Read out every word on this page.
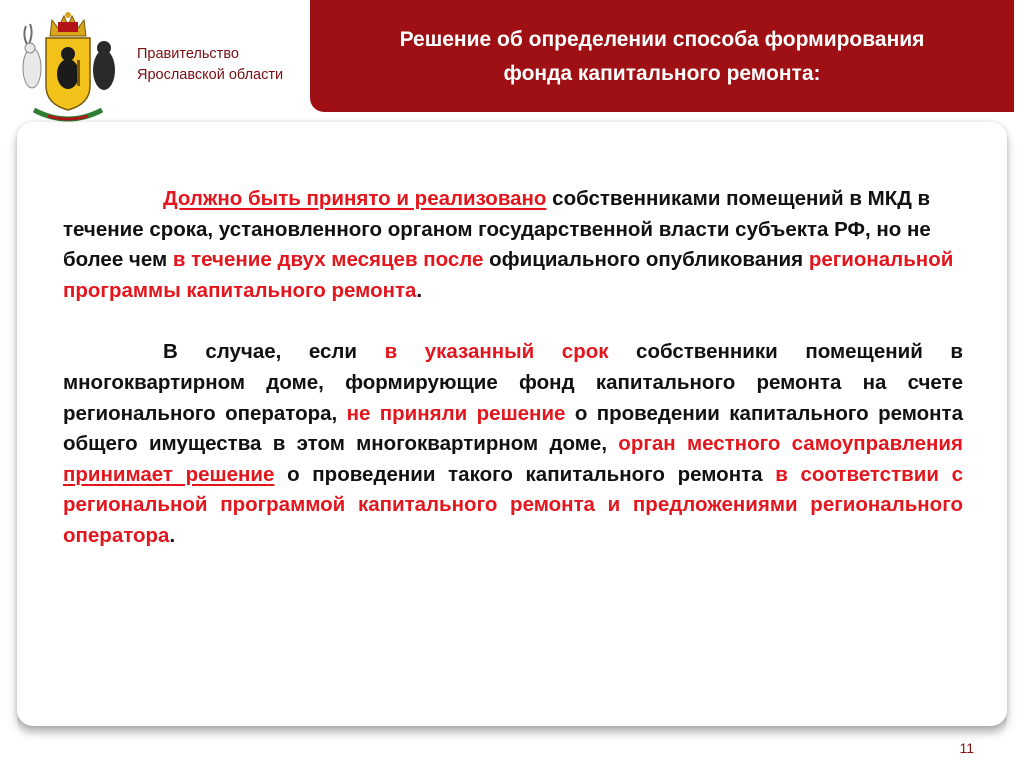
Правительство
Ярославской области
Решение об определении способа формирования
фонда капитального ремонта:
Должно быть принято и реализовано собственниками помещений в МКД в течение срока, установленного органом государственной власти субъекта РФ, но не более чем в течение двух месяцев после официального опубликования региональной программы капитального ремонта.
В случае, если в указанный срок собственники помещений в многоквартирном доме, формирующие фонд капитального ремонта на счете регионального оператора, не приняли решение о проведении капитального ремонта общего имущества в этом многоквартирном доме, орган местного самоуправления принимает решение о проведении такого капитального ремонта в соответствии с региональной программой капитального ремонта и предложениями регионального оператора.
11
